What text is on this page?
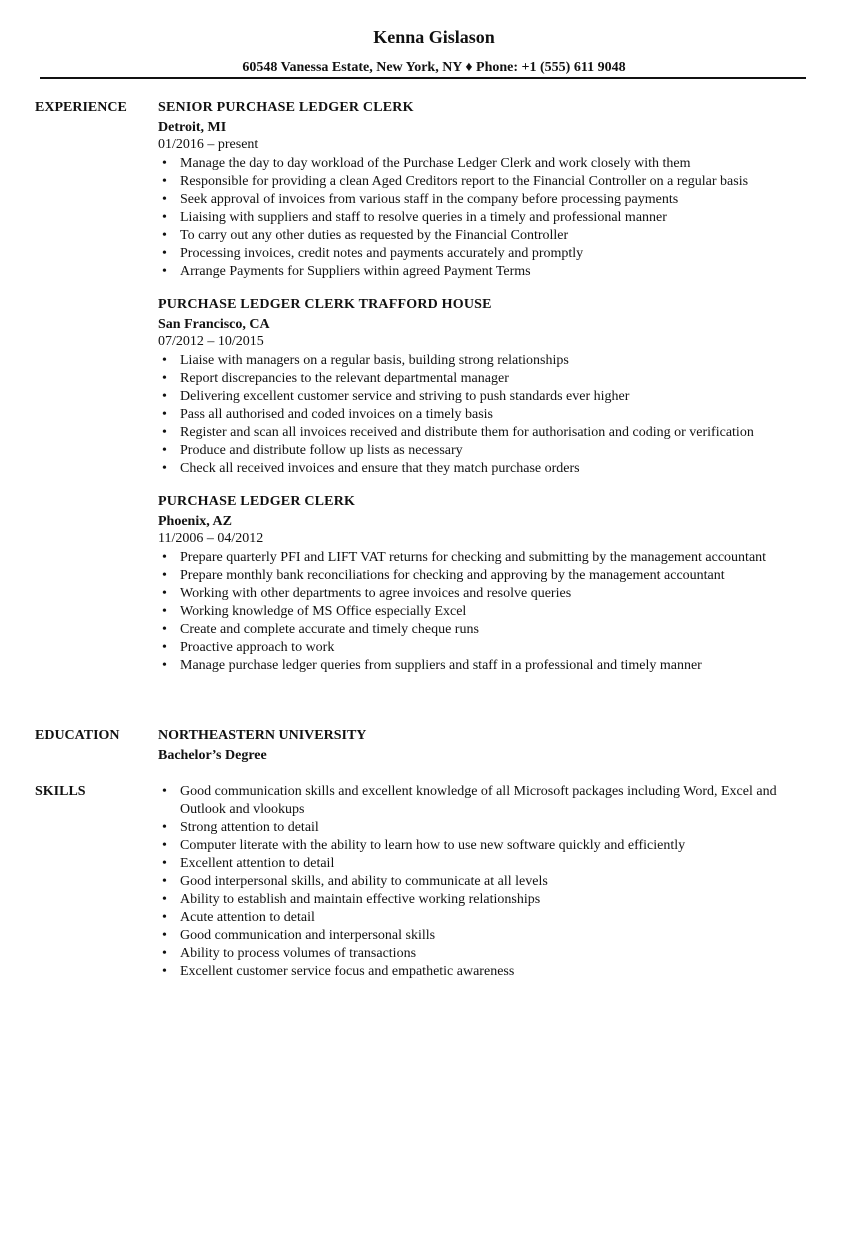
Kenna Gislason
60548 Vanessa Estate, New York, NY ♦ Phone: +1 (555) 611 9048
EXPERIENCE SENIOR PURCHASE LEDGER CLERK
Detroit, MI
01/2016 – present
• Manage the day to day workload of the Purchase Ledger Clerk and work closely with them
• Responsible for providing a clean Aged Creditors report to the Financial Controller on a regular basis
• Seek approval of invoices from various staff in the company before processing payments
• Liaising with suppliers and staff to resolve queries in a timely and professional manner
• To carry out any other duties as requested by the Financial Controller
• Processing invoices, credit notes and payments accurately and promptly
• Arrange Payments for Suppliers within agreed Payment Terms
PURCHASE LEDGER CLERK TRAFFORD HOUSE
San Francisco, CA
07/2012 – 10/2015
• Liaise with managers on a regular basis, building strong relationships
• Report discrepancies to the relevant departmental manager
• Delivering excellent customer service and striving to push standards ever higher
• Pass all authorised and coded invoices on a timely basis
• Register and scan all invoices received and distribute them for authorisation and coding or verification
• Produce and distribute follow up lists as necessary
• Check all received invoices and ensure that they match purchase orders
PURCHASE LEDGER CLERK
Phoenix, AZ
11/2006 – 04/2012
• Prepare quarterly PFI and LIFT VAT returns for checking and submitting by the management accountant
• Prepare monthly bank reconciliations for checking and approving by the management accountant
• Working with other departments to agree invoices and resolve queries
• Working knowledge of MS Office especially Excel
• Create and complete accurate and timely cheque runs
• Proactive approach to work
• Manage purchase ledger queries from suppliers and staff in a professional and timely manner
EDUCATION	NORTHEASTERN UNIVERSITY
Bachelor’s Degree
SKILLS
•	Good communication skills and excellent knowledge of all Microsoft packages including Word, Excel and Outlook and vlookups
• Strong attention to detail
• Computer literate with the ability to learn how to use new software quickly and efficiently
• Excellent attention to detail
• Good interpersonal skills, and ability to communicate at all levels
• Ability to establish and maintain effective working relationships
• Acute attention to detail
• Good communication and interpersonal skills
• Ability to process volumes of transactions
• Excellent customer service focus and empathetic awareness
